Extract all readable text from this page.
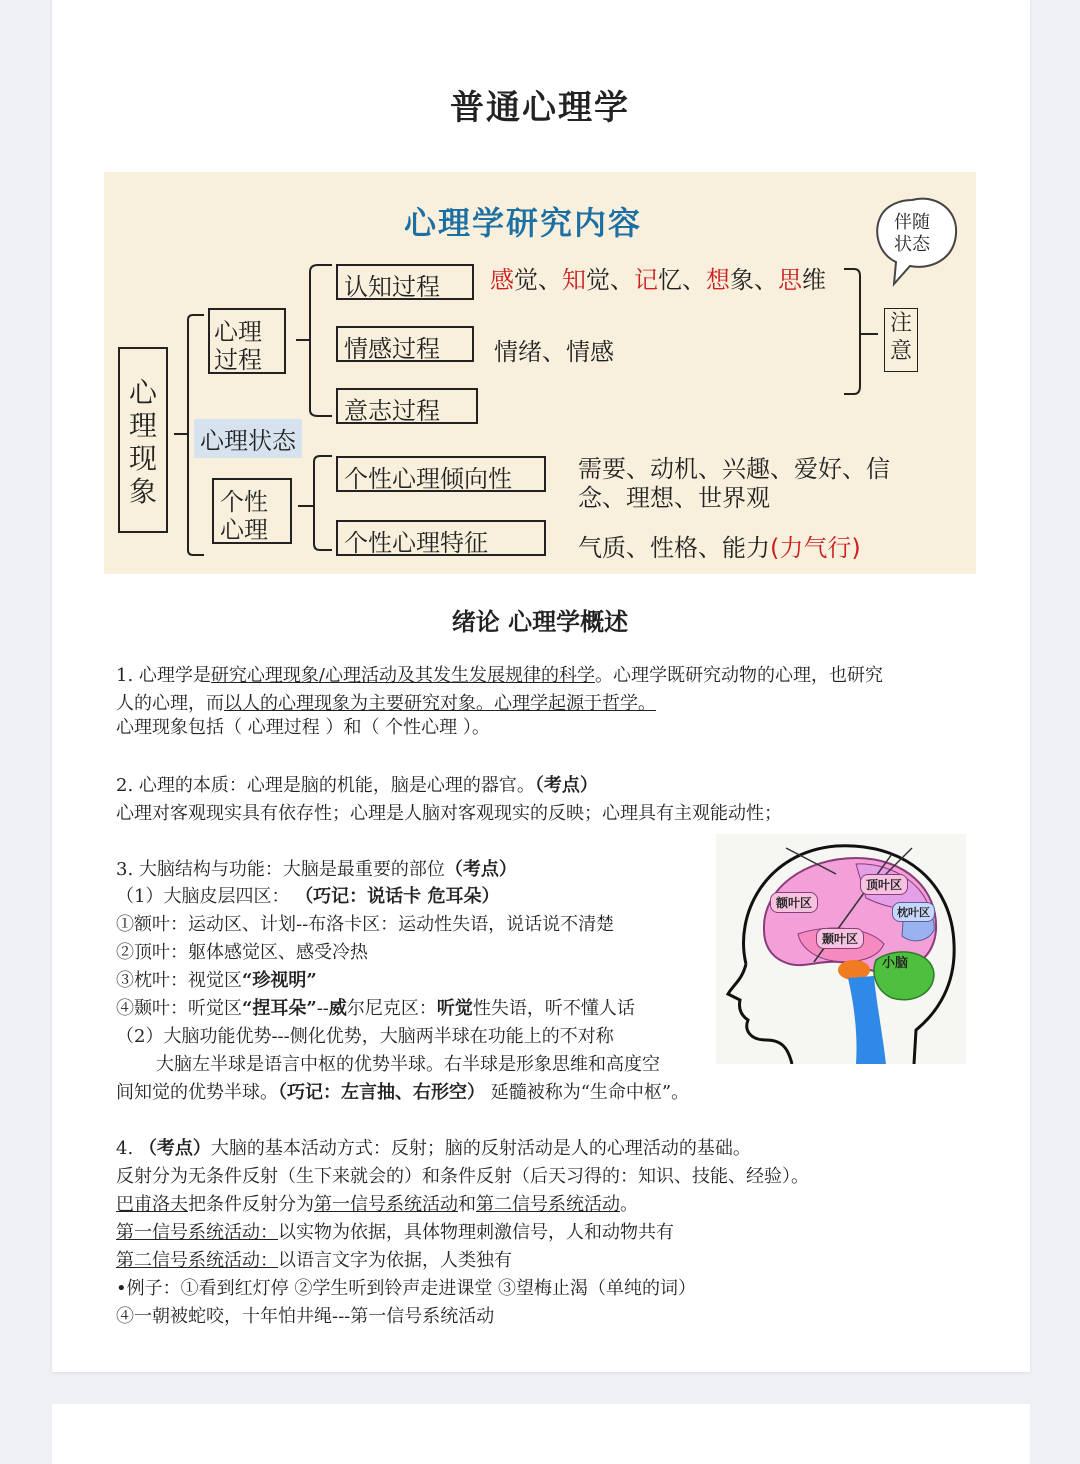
普通心理学
心理学研究内容
心理现象
心理状态
心理
过程
个性
心理
认知过程 感觉、知觉、记忆、想象、思维
情感过程 情绪、情感
意志过程
个性心理倾向性	需要、动机、兴趣、爱好、信
念、理想、世界观
个性心理特征	气质、性格、能力(力气行)
注意
伴随状态
绪论 心理学概述
1. 心理学是研究心理现象/心理活动及其发生发展规律的科学。心理学既研究动物的心理，也研究
人的心理，而以人的心理现象为主要研究对象。心理学起源于哲学。
心理现象包括（ 心理过程 ）和（ 个性心理 ）。
2. 心理的本质：心理是脑的机能，脑是心理的器官。（考点）
心理对客观现实具有依存性；心理是人脑对客观现实的反映；心理具有主观能动性；
3. 大脑结构与功能：大脑是最重要的部位（考点）
（1）大脑皮层四区： （巧记：说话卡 危耳朵）
①额叶：运动区、计划--布洛卡区：运动性失语，说话说不清楚
②顶叶：躯体感觉区、感受冷热
③枕叶：视觉区“珍视明”
④颞叶：听觉区“捏耳朵”--威尔尼克区：听觉性失语，听不懂人话
（2）大脑功能优势---侧化优势，大脑两半球在功能上的不对称
大脑左半球是语言中枢的优势半球。右半球是形象思维和高度空
间知觉的优势半球。（巧记：左言抽、右形空） 延髓被称为“生命中枢”。
额叶区
顶叶区
枕叶区
颞叶区
小脑
4. （考点）大脑的基本活动方式：反射；脑的反射活动是人的心理活动的基础。
反射分为无条件反射（生下来就会的）和条件反射（后天习得的：知识、技能、经验）。
巴甫洛夫把条件反射分为第一信号系统活动和第二信号系统活动。
第一信号系统活动：以实物为依据，具体物理刺激信号，人和动物共有
第二信号系统活动：以语言文字为依据，人类独有
•例子：①看到红灯停 ②学生听到铃声走进课堂 ③望梅止渴（单纯的词）
④一朝被蛇咬，十年怕井绳---第一信号系统活动
